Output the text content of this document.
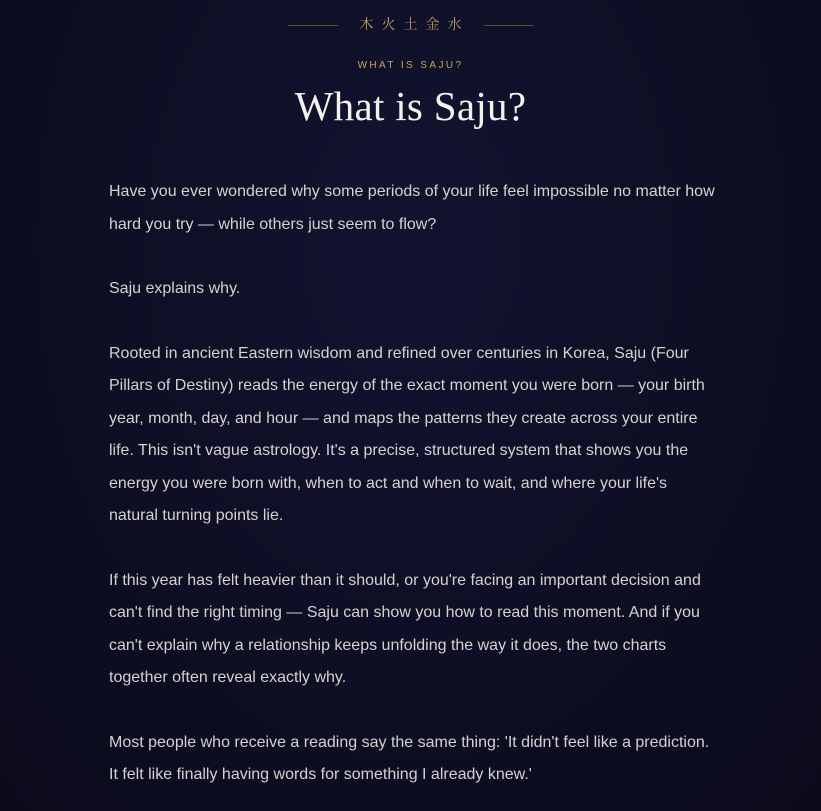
木火土金水
WHAT IS SAJU?
What is Saju?

Have you ever wondered why some periods of your life feel impossible no matter how hard you try — while others just seem to flow?

Saju explains why.

Rooted in ancient Eastern wisdom and refined over centuries in Korea, Saju (Four Pillars of Destiny) reads the energy of the exact moment you were born — your birth year, month, day, and hour — and maps the patterns they create across your entire life. This isn't vague astrology. It's a precise, structured system that shows you the energy you were born with, when to act and when to wait, and where your life's natural turning points lie.

If this year has felt heavier than it should, or you're facing an important decision and can't find the right timing — Saju can show you how to read this moment. And if you can't explain why a relationship keeps unfolding the way it does, the two charts together often reveal exactly why.

Most people who receive a reading say the same thing: 'It didn't feel like a prediction. It felt like finally having words for something I already knew.'
